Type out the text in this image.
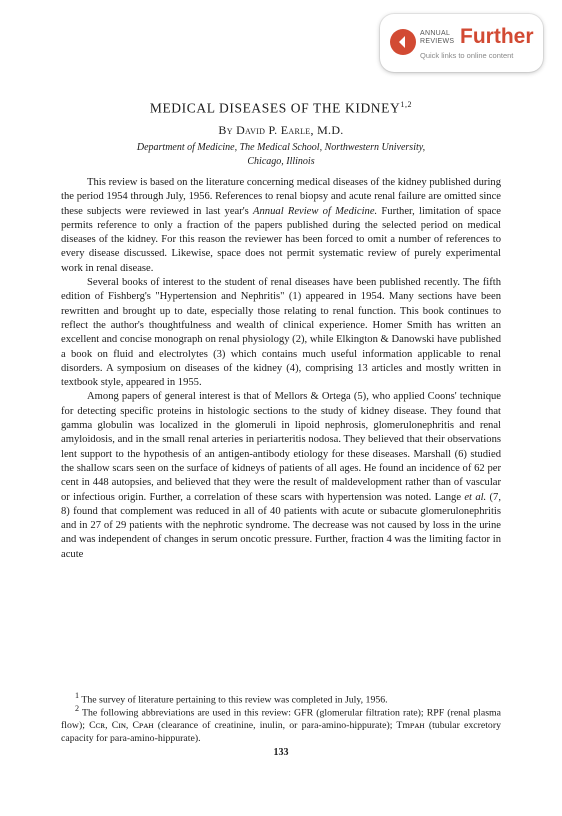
ANNUAL
REVIEWS Further
Quick links to online content
MEDICAL DISEASES OF THE KIDNEY$^{1,2}$
By David P. Earle, M.D.
Department of Medicine, The Medical School, Northwestern University,
Chicago, Illinois

This review is based on the literature concerning medical diseases of the kidney published during the period 1954 through July, 1956. References to renal biopsy and acute renal failure are omitted since these subjects were reviewed in last year's Annual Review of Medicine. Further, limitation of space permits reference to only a fraction of the papers published during the selected period on medical diseases of the kidney. For this reason the reviewer has been forced to omit a number of references to every disease discussed. Likewise, space does not permit systematic review of purely experimental work in renal disease.

Several books of interest to the student of renal diseases have been published recently. The fifth edition of Fishberg's "Hypertension and Nephritis" (1) appeared in 1954. Many sections have been rewritten and brought up to date, especially those relating to renal function. This book continues to reflect the author's thoughtfulness and wealth of clinical experience. Homer Smith has written an excellent and concise monograph on renal physiology (2), while Elkington & Danowski have published a book on fluid and electrolytes (3) which contains much useful information applicable to renal disorders. A symposium on diseases of the kidney (4), comprising 13 articles and mostly written in textbook style, appeared in 1955.

Among papers of general interest is that of Mellors & Ortega (5), who applied Coons' technique for detecting specific proteins in histologic sections to the study of kidney disease. They found that gamma globulin was localized in the glomeruli in lipoid nephrosis, glomerulonephritis and renal amyloidosis, and in the small renal arteries in periarteritis nodosa. They believed that their observations lent support to the hypothesis of an antigen-antibody etiology for these diseases. Marshall (6) studied the shallow scars seen on the surface of kidneys of patients of all ages. He found an incidence of 62 per cent in 448 autopsies, and believed that they were the result of maldevelopment rather than of vascular or infectious origin. Further, a correlation of these scars with hypertension was noted. Lange et al. (7, 8) found that complement was reduced in all of 40 patients with acute or subacute glomerulonephritis and in 27 of 29 patients with the nephrotic syndrome. The decrease was not caused by loss in the urine and was independent of changes in serum oncotic pressure. Further, fraction 4 was the limiting factor in acute

$^1$ The survey of literature pertaining to this review was completed in July, 1956.

$^2$ The following abbreviations are used in this review: GFR (glomerular filtration rate); RPF (renal plasma flow); Cᴄʀ, Cɪɴ, Cᴘᴀʜ (clearance of creatinine, inulin, or para-amino-hippurate); Tmᴘᴀʜ (tubular excretory capacity for para-amino-hippurate).

133
